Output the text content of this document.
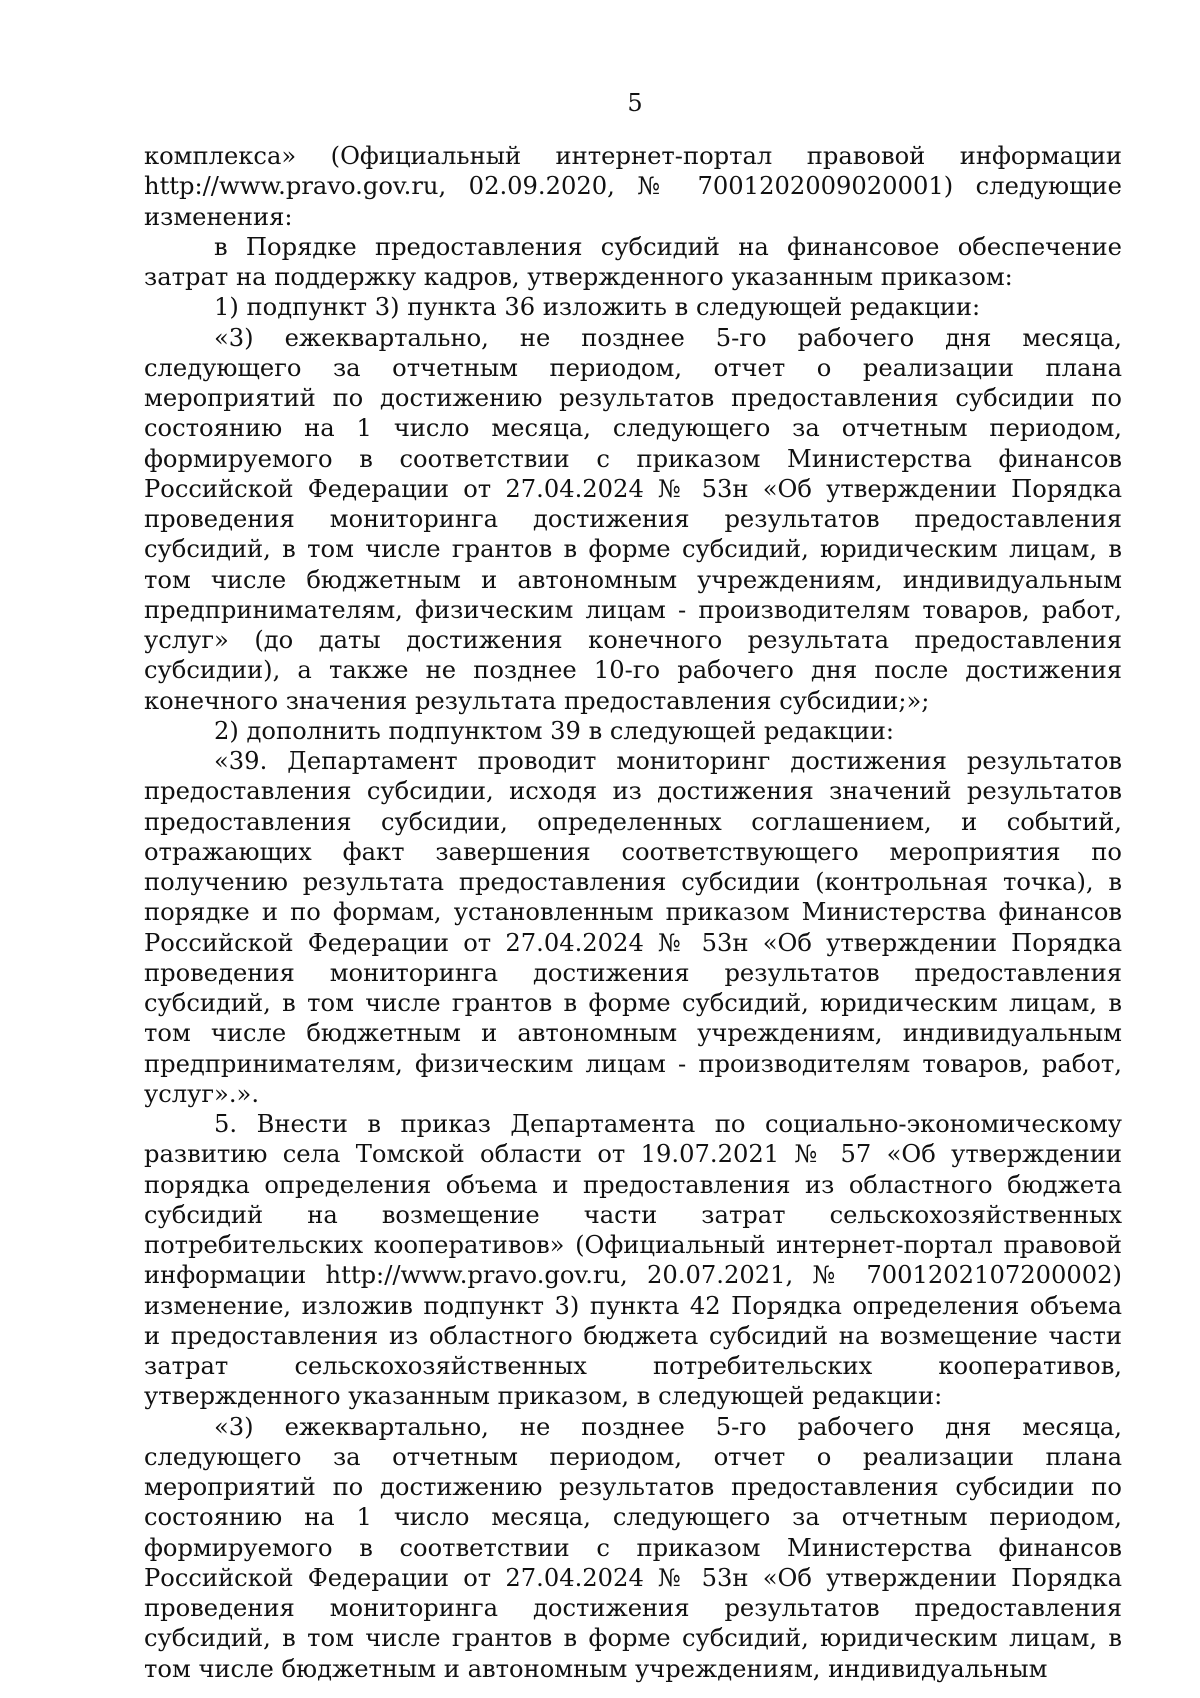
5

комплекса» (Официальный интернет-портал правовой информации http://www.pravo.gov.ru, 02.09.2020, № 7001202009020001) следующие изменения:

в Порядке предоставления субсидий на финансовое обеспечение затрат на поддержку кадров, утвержденного указанным приказом:

1) подпункт 3) пункта 36 изложить в следующей редакции:

«3) ежеквартально, не позднее 5-го рабочего дня месяца, следующего за отчетным периодом, отчет о реализации плана мероприятий по достижению результатов предоставления субсидии по состоянию на 1 число месяца, следующего за отчетным периодом, формируемого в соответствии с приказом Министерства финансов Российской Федерации от 27.04.2024 № 53н «Об утверждении Порядка проведения мониторинга достижения результатов предоставления субсидий, в том числе грантов в форме субсидий, юридическим лицам, в том числе бюджетным и автономным учреждениям, индивидуальным предпринимателям, физическим лицам - производителям товаров, работ, услуг» (до даты достижения конечного результата предоставления субсидии), а также не позднее 10-го рабочего дня после достижения конечного значения результата предоставления субсидии;»;

2) дополнить подпунктом 39 в следующей редакции:

«39. Департамент проводит мониторинг достижения результатов предоставления субсидии, исходя из достижения значений результатов предоставления субсидии, определенных соглашением, и событий, отражающих факт завершения соответствующего мероприятия по получению результата предоставления субсидии (контрольная точка), в порядке и по формам, установленным приказом Министерства финансов Российской Федерации от 27.04.2024 № 53н «Об утверждении Порядка проведения мониторинга достижения результатов предоставления субсидий, в том числе грантов в форме субсидий, юридическим лицам, в том числе бюджетным и автономным учреждениям, индивидуальным предпринимателям, физическим лицам - производителям товаров, работ, услуг».».

5. Внести в приказ Департамента по социально-экономическому развитию села Томской области от 19.07.2021 № 57 «Об утверждении порядка определения объема и предоставления из областного бюджета субсидий на возмещение части затрат сельскохозяйственных потребительских кооперативов» (Официальный интернет-портал правовой информации http://www.pravo.gov.ru, 20.07.2021, № 7001202107200002) изменение, изложив подпункт 3) пункта 42 Порядка определения объема и предоставления из областного бюджета субсидий на возмещение части затрат сельскохозяйственных потребительских кооперативов, утвержденного указанным приказом, в следующей редакции:

«3) ежеквартально, не позднее 5-го рабочего дня месяца, следующего за отчетным периодом, отчет о реализации плана мероприятий по достижению результатов предоставления субсидии по состоянию на 1 число месяца, следующего за отчетным периодом, формируемого в соответствии с приказом Министерства финансов Российской Федерации от 27.04.2024 № 53н «Об утверждении Порядка проведения мониторинга достижения результатов предоставления субсидий, в том числе грантов в форме субсидий, юридическим лицам, в том числе бюджетным и автономным учреждениям, индивидуальным
